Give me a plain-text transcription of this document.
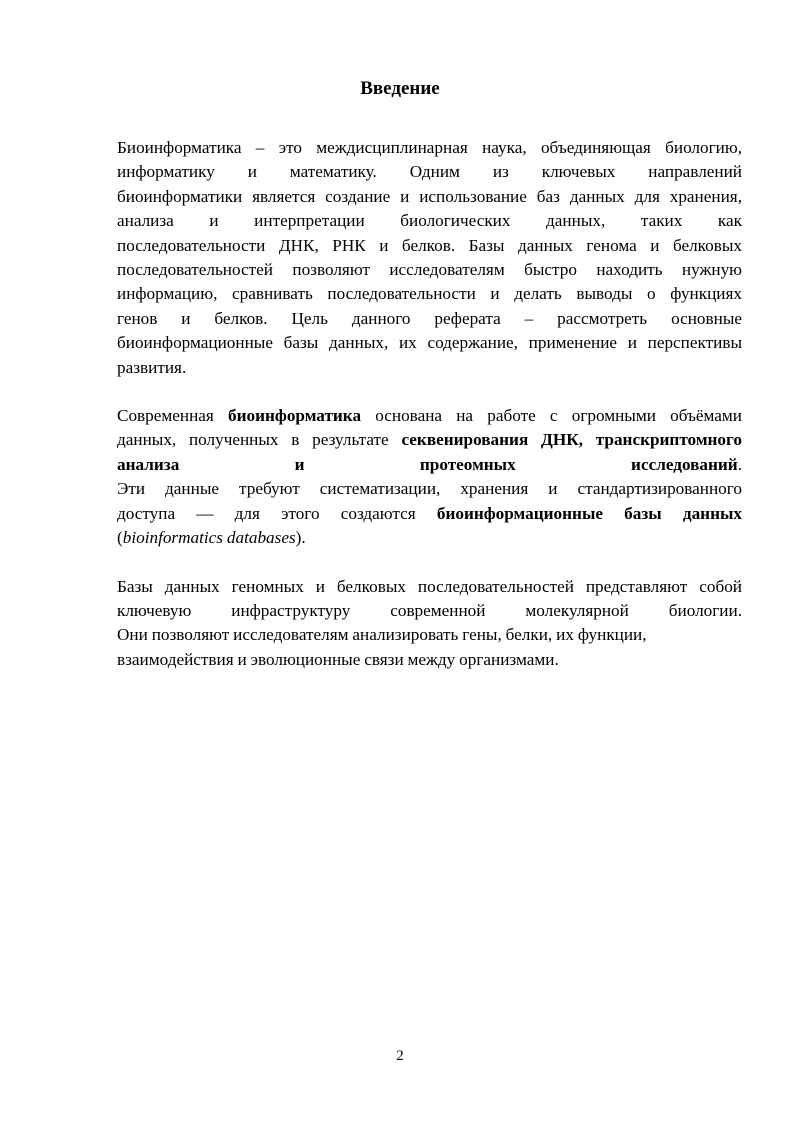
Введение

Биоинформатика – это междисциплинарная наука, объединяющая биологию,
информатику и математику. Одним из ключевых направлений
биоинформатики является создание и использование баз данных для хранения,
анализа и интерпретации биологических данных, таких как
последовательности ДНК, РНК и белков. Базы данных генома и белковых
последовательностей позволяют исследователям быстро находить нужную
информацию, сравнивать последовательности и делать выводы о функциях
генов и белков. Цель данного реферата – рассмотреть основные
биоинформационные базы данных, их содержание, применение и перспективы
развития.

Современная биоинформатика основана на работе с огромными объёмами
данных, полученных в результате секвенирования ДНК, транскриптомного
анализа и протеомных исследований.
Эти данные требуют систематизации, хранения и стандартизированного
доступа — для этого создаются биоинформационные базы данных
(bioinformatics databases).

Базы данных геномных и белковых последовательностей представляют собой
ключевую инфраструктуру современной молекулярной биологии.
Они позволяют исследователям анализировать гены, белки, их функции,
взаимодействия и эволюционные связи между организмами.

2
